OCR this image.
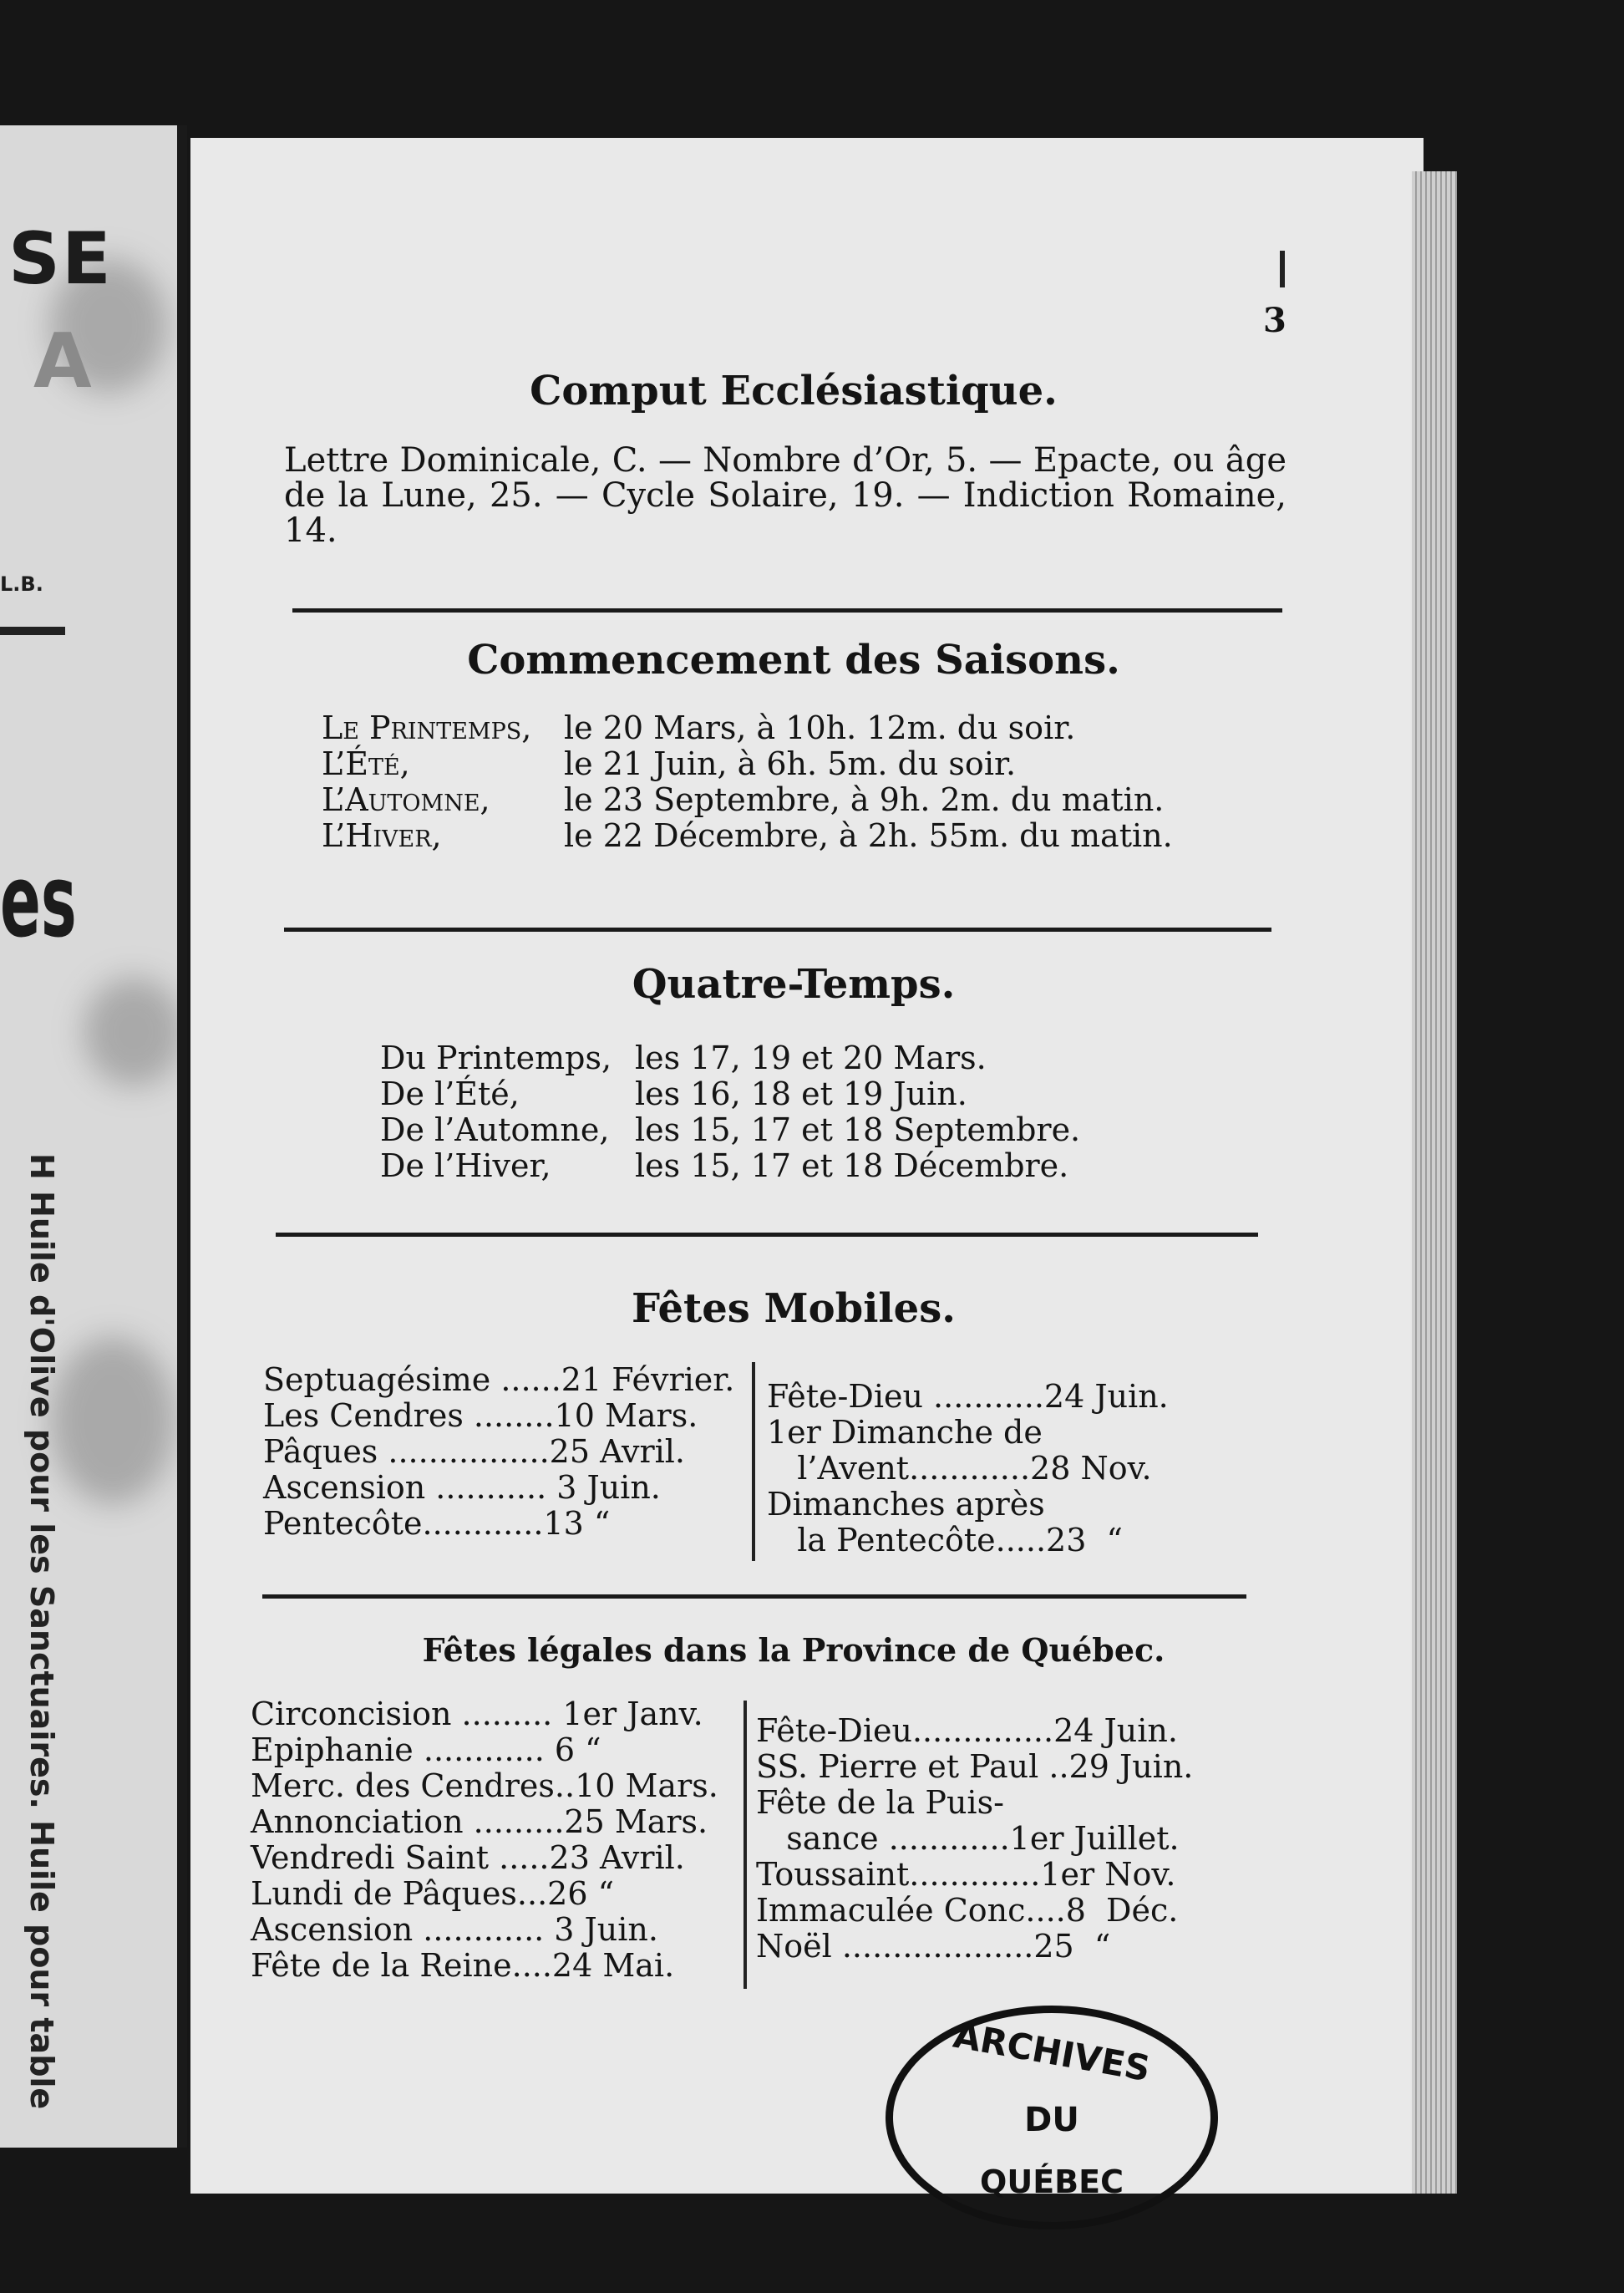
SE
A
L.B.
es
H Huile d'Olive pour les Sanctuaires. Huile pour table
3
Comput Ecclésiastique.
Lettre Dominicale, C. — Nombre d’Or, 5. — Epacte, ou âge de la Lune, 25. — Cycle Solaire, 19. — Indiction Romaine, 14.
Commencement des Saisons.
Le Printemps, le 20 Mars, à 10h. 12m. du soir.
L’Été,	le 21 Juin, à 6h. 5m. du soir.
L’Automne, le 23 Septembre, à 9h. 2m. du matin.
L’Hiver,	le 22 Décembre, à 2h. 55m. du matin.
Quatre-Temps.
Du Printemps, les 17, 19 et 20 Mars.
De l’Été,	les 16, 18 et 19 Juin.
De l’Automne, les 15, 17 et 18 Septembre.
De l’Hiver,	les 15, 17 et 18 Décembre.
Fêtes Mobiles.
Septuagésime ......21 Février.
Les Cendres ........10 Mars.
Pâques ................25 Avril.
Ascension ........... 3 Juin.
Pentecôte............13 “
Fête-Dieu ...........24 Juin.
1er Dimanche de
l’Avent............28 Nov.
Dimanches après
la Pentecôte.....23  “
Fêtes légales dans la Province de Québec.
Circoncision ......... 1er Janv.
Epiphanie ............ 6 “
Merc. des Cendres..10 Mars.
Annonciation .........25 Mars.
Vendredi Saint .....23 Avril.
Lundi de Pâques...26 “
Ascension ............ 3 Juin.
Fête de la Reine....24 Mai.
Fête-Dieu..............24 Juin.
SS. Pierre et Paul ..29 Juin.
Fête de la Puis-
sance ............1er Juillet.
Toussaint.............1er Nov.
Immaculée Conc....8  Déc.
Noël ...................25  “
ARCHIVES
DU
QUÉBEC
